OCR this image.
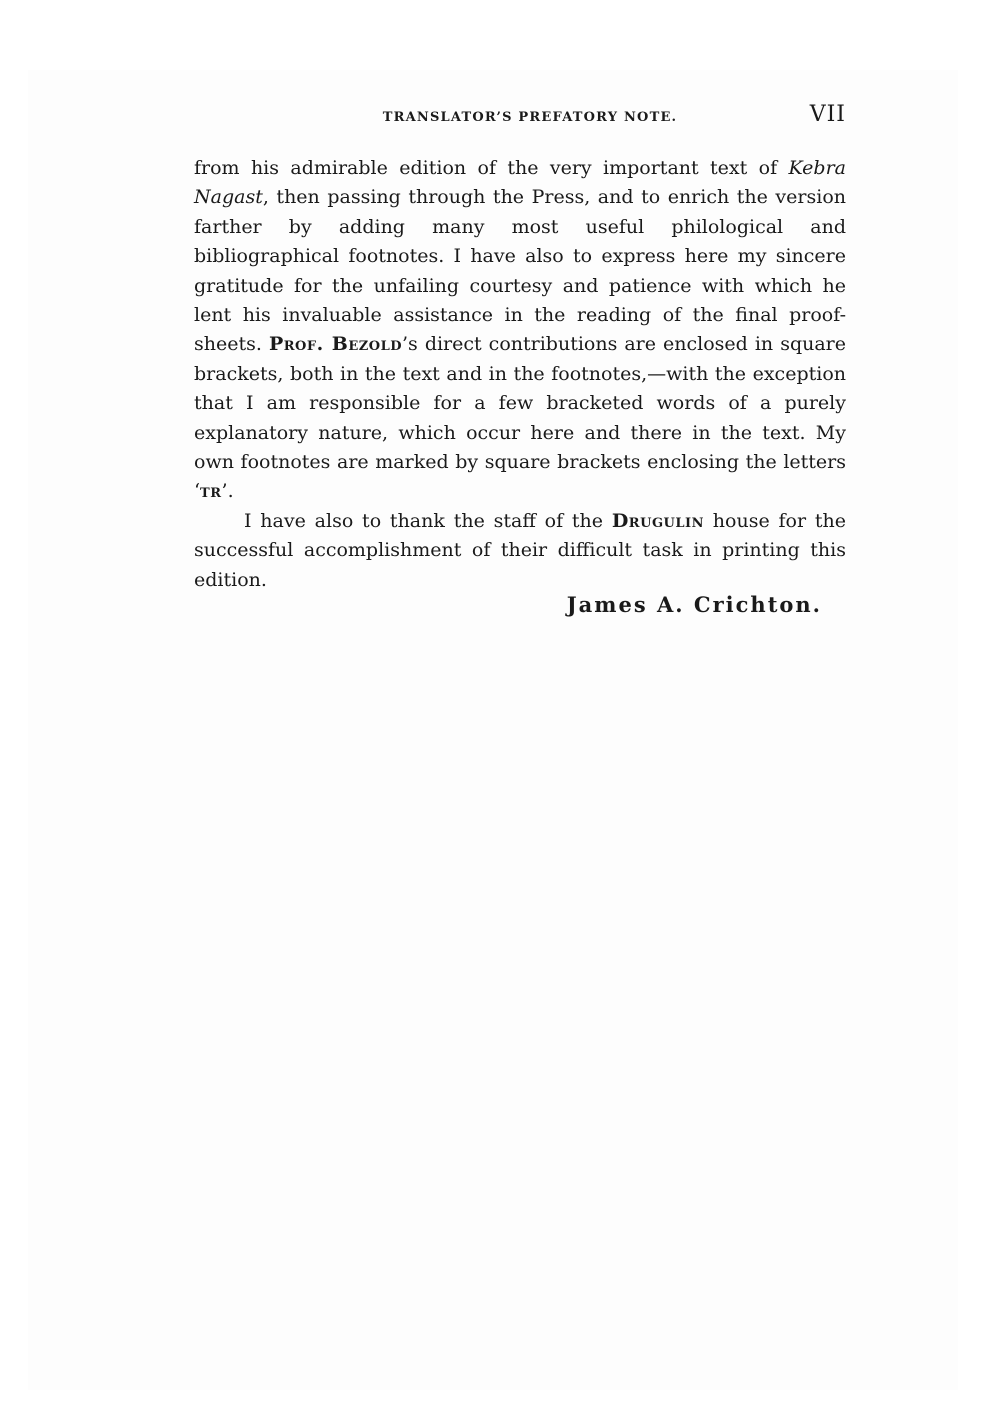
TRANSLATOR’S PREFATORY NOTE.	VII

from his admirable edition of the very important text of Kebra Nagast, then passing through the Press, and to enrich the version farther by adding many most useful philological and bibliographical footnotes. I have also to express here my sincere gratitude for the unfailing courtesy and patience with which he lent his invaluable assistance in the reading of the final proof-sheets. Prof. Bezold’s direct contributions are enclosed in square brackets, both in the text and in the footnotes,—with the exception that I am responsible for a few bracketed words of a purely explanatory nature, which occur here and there in the text. My own footnotes are marked by square brackets enclosing the letters ‘tr’.

I have also to thank the staff of the Drugulin house for the successful accomplishment of their difficult task in printing this edition.

James A. Crichton.
